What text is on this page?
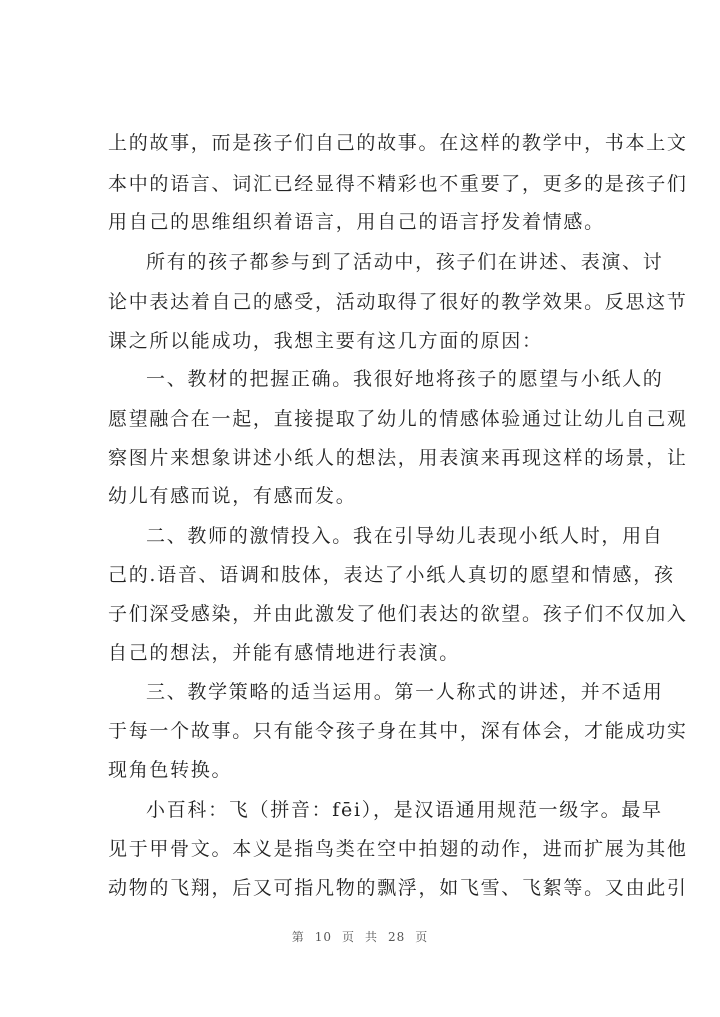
上的故事，而是孩子们自己的故事。在这样的教学中，书本上文
本中的语言、词汇已经显得不精彩也不重要了，更多的是孩子们
用自己的思维组织着语言，用自己的语言抒发着情感。
所有的孩子都参与到了活动中，孩子们在讲述、表演、讨
论中表达着自己的感受，活动取得了很好的教学效果。反思这节
课之所以能成功，我想主要有这几方面的原因：
一、教材的把握正确。我很好地将孩子的愿望与小纸人的
愿望融合在一起，直接提取了幼儿的情感体验通过让幼儿自己观
察图片来想象讲述小纸人的想法，用表演来再现这样的场景，让
幼儿有感而说，有感而发。
二、教师的激情投入。我在引导幼儿表现小纸人时，用自
己的.语音、语调和肢体，表达了小纸人真切的愿望和情感，孩
子们深受感染，并由此激发了他们表达的欲望。孩子们不仅加入
自己的想法，并能有感情地进行表演。
三、教学策略的适当运用。第一人称式的讲述，并不适用
于每一个故事。只有能令孩子身在其中，深有体会，才能成功实
现角色转换。
小百科：飞（拼音：fēi），是汉语通用规范一级字。最早
见于甲骨文。本义是指鸟类在空中拍翅的动作，进而扩展为其他
动物的飞翔，后又可指凡物的飘浮，如飞雪、飞絮等。又由此引
第 10 页 共 28 页
